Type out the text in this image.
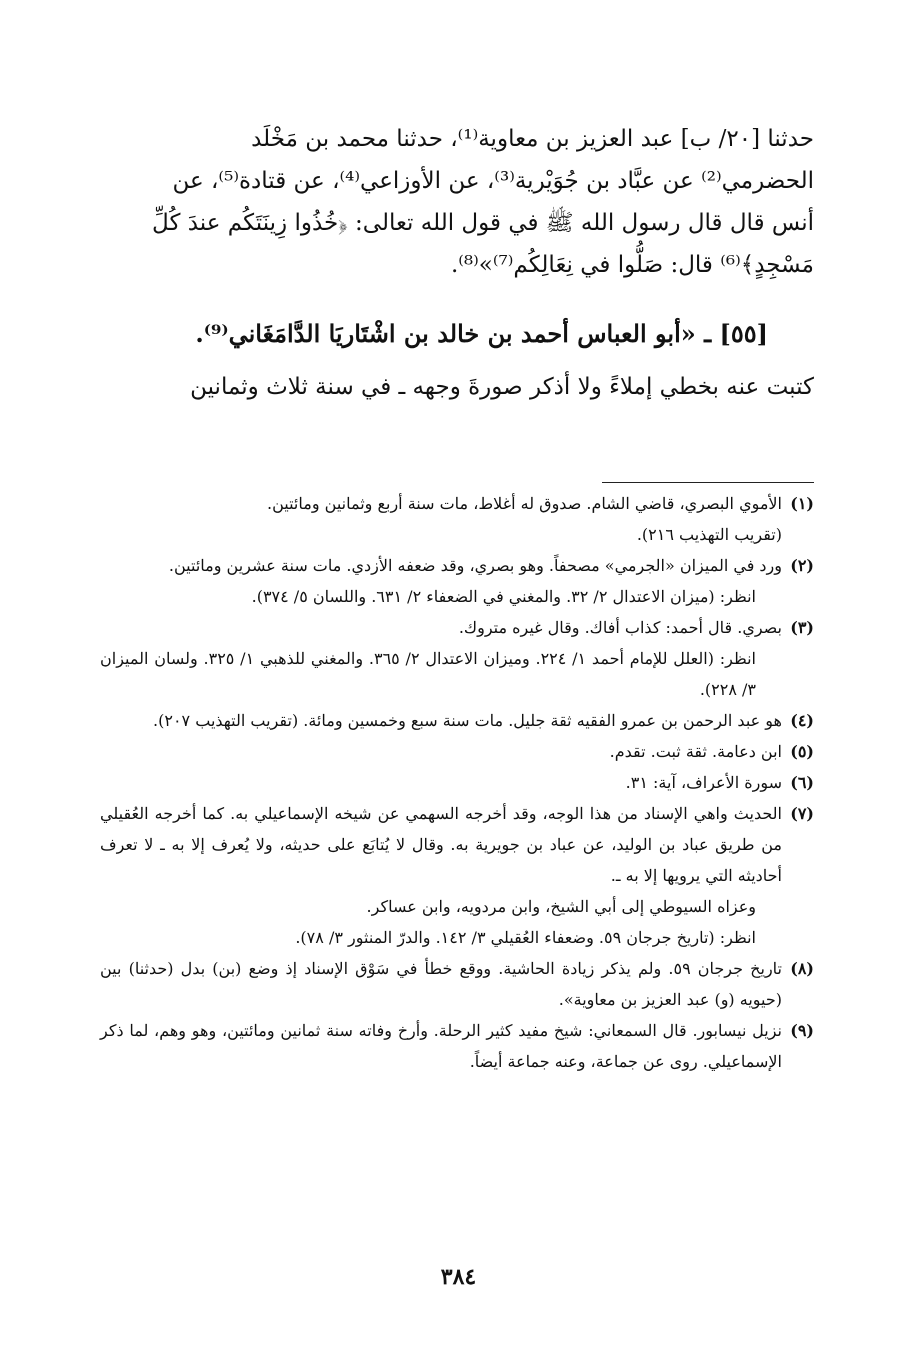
حدثنا [٢٠/ ب] عبد العزيز بن معاوية⁽¹⁾، حدثنا محمد بن مَخْلَد

الحضرمي⁽²⁾ عن عبَّاد بن جُوَيْرية⁽³⁾، عن الأوزاعي⁽⁴⁾، عن قتادة⁽⁵⁾، عن

أنس قال قال رسول الله ﷺ في قول الله تعالى: ﴿خُذُوا زِينَتَكُم عندَ كُلِّ

مَسْجِدٍ﴾⁽⁶⁾ قال: صَلُّوا في نِعَالِكُم⁽⁷⁾»⁽⁸⁾.

[٥٥] ـ «أبو العباس أحمد بن خالد بن اشْتَاريَا الدَّامَغَاني⁽⁹⁾.
كتبت عنه بخطي إملاءً ولا أذكر صورةَ وجهه ـ في سنة ثلاث وثمانين
(١)

الأموي البصري، قاضي الشام. صدوق له أغلاط، مات سنة أربع وثمانين ومائتين.

(تقريب التهذيب ٢١٦).

(٢)

ورد في الميزان «الجرمي» مصحفاً. وهو بصري، وقد ضعفه الأزدي. مات سنة عشرين ومائتين.

انظر: (ميزان الاعتدال ٢/ ٣٢. والمغني في الضعفاء ٢/ ٦٣١. واللسان ٥/ ٣٧٤).

(٣)

بصري. قال أحمد: كذاب أفاك. وقال غيره متروك.

انظر: (العلل للإمام أحمد ١/ ٢٢٤. وميزان الاعتدال ٢/ ٣٦٥. والمغني للذهبي ١/ ٣٢٥. ولسان الميزان ٣/ ٢٢٨).

(٤)

هو عبد الرحمن بن عمرو الفقيه ثقة جليل. مات سنة سبع وخمسين ومائة. (تقريب التهذيب ٢٠٧).

(٥)

ابن دعامة. ثقة ثبت. تقدم.

(٦)

سورة الأعراف، آية: ٣١.

(٧)

الحديث واهي الإسناد من هذا الوجه، وقد أخرجه السهمي عن شيخه الإسماعيلي به. كما أخرجه العُقيلي من طريق عباد بن الوليد، عن عباد بن جويرية به. وقال لا يُتابَع على حديثه، ولا يُعرف إلا به ـ لا تعرف أحاديثه التي يرويها إلا به ـ.

وعزاه السيوطي إلى أبي الشيخ، وابن مردويه، وابن عساكر.

انظر: (تاريخ جرجان ٥٩. وضعفاء العُقيلي ٣/ ١٤٢. والدرّ المنثور ٣/ ٧٨).

(٨)

تاريخ جرجان ٥٩. ولم يذكر زيادة الحاشية. ووقع خطأ في سَوْق الإسناد إذ وضع (بن) بدل (حدثنا) بين (حيويه (و) عبد العزيز بن معاوية».

(٩)

نزيل نيسابور. قال السمعاني: شيخ مفيد كثير الرحلة. وأرخ وفاته سنة ثمانين ومائتين، وهو وهم، لما ذكر الإسماعيلي. روى عن جماعة، وعنه جماعة أيضاً.

٣٨٤
